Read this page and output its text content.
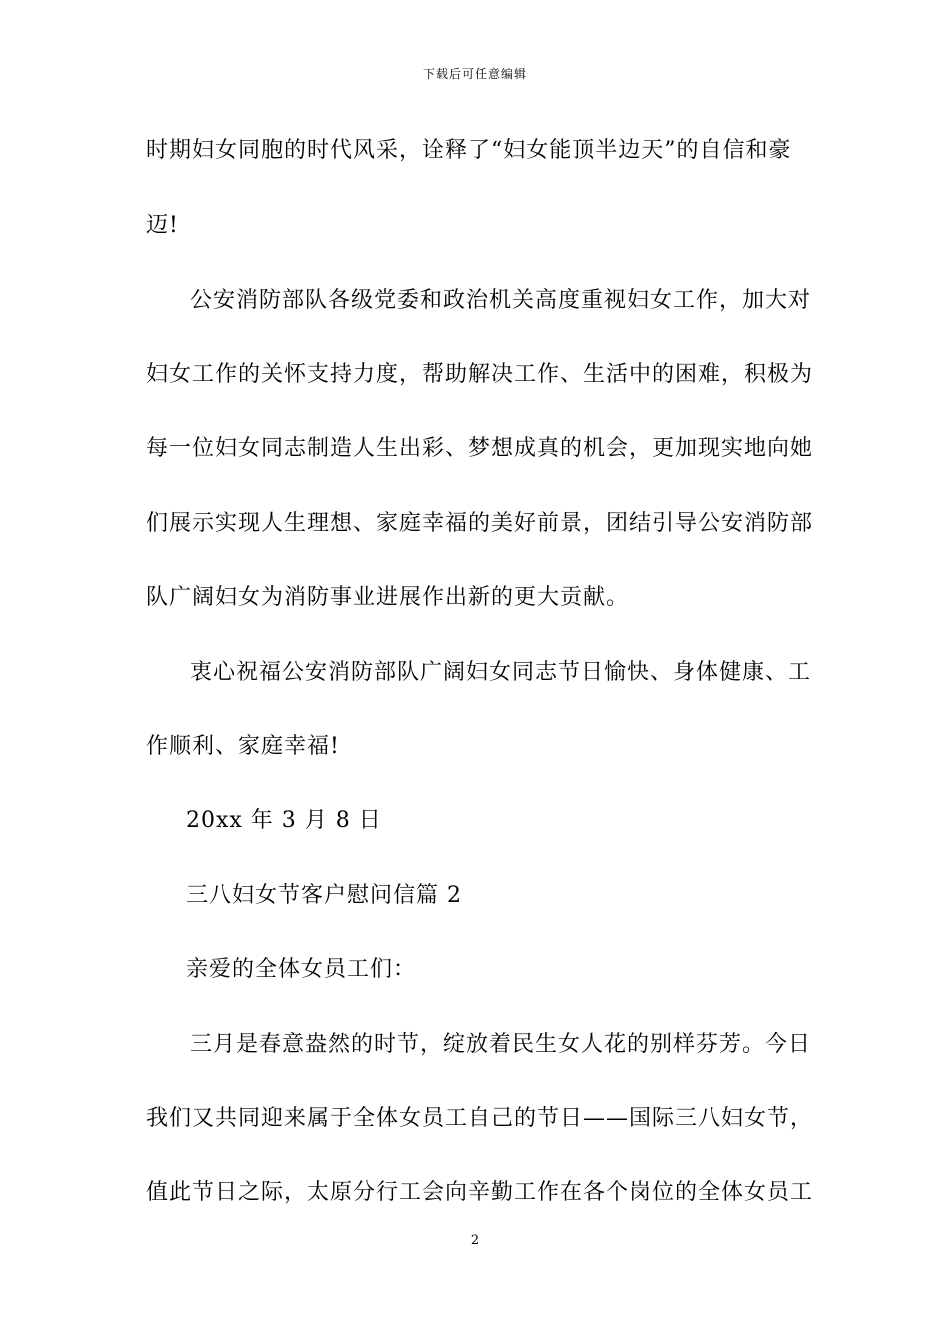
下载后可任意编辑
时期妇女同胞的时代风采，诠释了“妇女能顶半边天”的自信和豪
迈!
公安消防部队各级党委和政治机关高度重视妇女工作，加大对
妇女工作的关怀支持力度，帮助解决工作、生活中的困难，积极为
每一位妇女同志制造人生出彩、梦想成真的机会，更加现实地向她
们展示实现人生理想、家庭幸福的美好前景，团结引导公安消防部
队广阔妇女为消防事业进展作出新的更大贡献。
衷心祝福公安消防部队广阔妇女同志节日愉快、身体健康、工
作顺利、家庭幸福!
20xx 年 3 月 8 日
三八妇女节客户慰问信篇 2
亲爱的全体女员工们：
三月是春意盎然的时节，绽放着民生女人花的别样芬芳。今日
我们又共同迎来属于全体女员工自己的节日——国际三八妇女节，
值此节日之际，太原分行工会向辛勤工作在各个岗位的全体女员工
2
